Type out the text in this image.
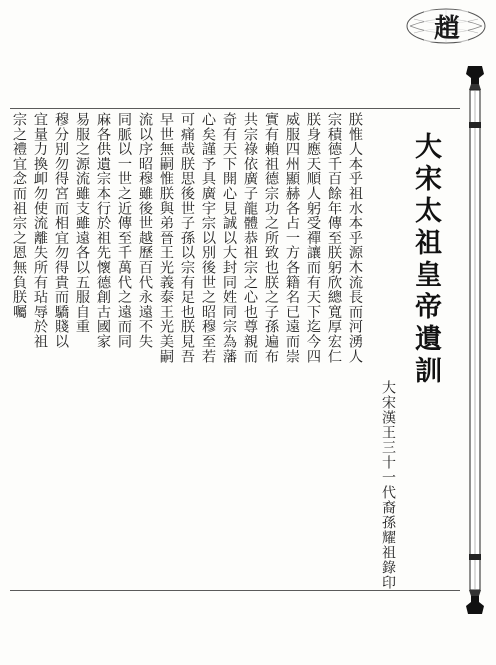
趙
大宋太祖皇帝遺訓
大宋漢王三十一代裔孫耀祖錄印
朕惟人本乎祖水本乎源木流長而河湧人
宗積德千百餘年傳至朕躬欣總寬厚宏仁
朕身應天順人躬受禪讓而有天下迄今四
威服四州顯赫各占一方各籍名已遠而崇
實有賴祖德宗功之所致也朕之子孫遍布
共宗祿依廣子龍體恭祖宗之心也尊親而
奇有天下開心見誠以大封同姓同宗為藩
心矣謹予具廣宇宗以別後世之昭穆至若
可痛哉朕思後世子孫以宗有足也朕見吾
早世無嗣惟朕與弟晉王光義泰王光美嗣
流以序昭穆雖後世越歷百代永遠不失
同脈以一世之近傳至千萬代之遠而同
麻各供遺宗本行於祖先懷德創古國家
易服之源流雖支雖遠各以五服自重
穆分別勿得宮而相宜勿得貴而驕賤以
宜量力換卹勿使流離失所有玷辱於祖
宗之禮宜念而祖宗之恩無負朕囑
